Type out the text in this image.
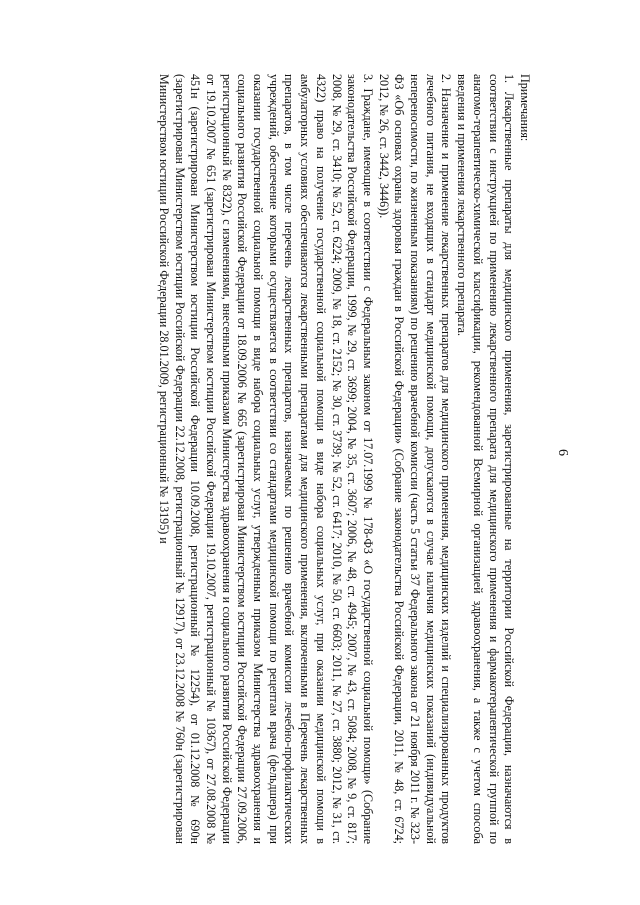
6

Примечания:

1. Лекарственные препараты для медицинского применения, зарегистрированные на территории Российской Федерации, назначаются в соответствии с инструкцией по применению лекарственного препарата для медицинского применения и фармакотерапевтической группой по анатомо-терапевтическо-химической классификации, рекомендованной Всемирной организацией здравоохранения, а также с учетом способа введения и применения лекарственного препарата.

2. Назначение и применение лекарственных препаратов для медицинского применения, медицинских изделий и специализированных продуктов лечебного питания, не входящих в стандарт медицинской помощи, допускаются в случае наличия медицинских показаний (индивидуальной непереносимости, по жизненным показаниям) по решению врачебной комиссии (часть 5 статьи 37 Федерального закона от 21 ноября 2011 г. № 323-ФЗ «Об основах охраны здоровья граждан в Российской Федерации» (Собрание законодательства Российской Федерации, 2011, № 48, ст. 6724; 2012, № 26, ст. 3442, 3446)).

3. Граждане, имеющие в соответствии с Федеральным законом от 17.07.1999 № 178-ФЗ «О государственной социальной помощи» (Собрание законодательства Российской Федерации, 1999, № 29, ст. 3699; 2004, № 35, ст. 3607; 2006, № 48, ст. 4945; 2007, № 43, ст. 5084; 2008, № 9, ст. 817; 2008, № 29, ст. 3410; № 52, ст. 6224; 2009, № 18, ст. 2152; № 30, ст. 3739; № 52, ст. 6417; 2010, № 50, ст. 6603; 2011, № 27, ст. 3880; 2012, № 31, ст. 4322) право на получение государственной социальной помощи в виде набора социальных услуг, при оказании медицинской помощи в амбулаторных условиях обеспечиваются лекарственными препаратами для медицинского применения, включенными в Перечень лекарственных препаратов, в том числе перечень лекарственных препаратов, назначаемых по решению врачебной комиссии лечебно-профилактических учреждений, обеспечение которыми осуществляется в соответствии со стандартами медицинской помощи по рецептам врача (фельдшера) при оказании государственной социальной помощи в виде набора социальных услуг, утвержденным приказом Министерства здравоохранения и социального развития Российской Федерации от 18.09.2006 № 665 (зарегистрирован Министерством юстиции Российской Федерации 27.09.2006, регистрационный № 8322), с изменениями, внесенными приказами Министерства здравоохранения и социального развития Российской Федерации от 19.10.2007 № 651 (зарегистрирован Министерством юстиции Российской Федерации 19.10.2007, регистрационный № 10367), от 27.08.2008 № 451н (зарегистрирован Министерством юстиции Российской Федерации 10.09.2008, регистрационный № 12254), от 01.12.2008 № 690н (зарегистрирован Министерством юстиции Российской Федерации 22.12.2008, регистрационный № 12917), от 23.12.2008 № 760н (зарегистрирован Министерством юстиции Российской Федерации 28.01.2009, регистрационный № 13195) и
